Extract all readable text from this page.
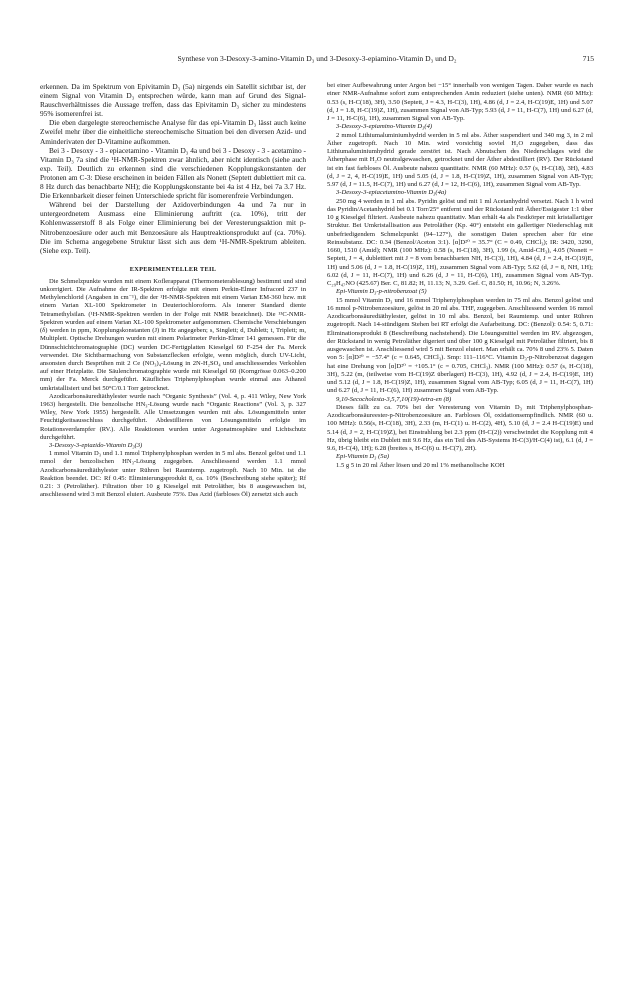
Synthese von 3-Desoxy-3-amino-Vitamin D₃ und 3-Desoxy-3-epiamino-Vitamin D₃ und D₂	715

erkennen. Da im Spektrum von Epivitamin D₃ (5a) nirgends ein Satellit sichtbar ist, der einem Signal von Vitamin D₃ entsprechen würde, kann man auf Grund des Signal-Rauschverhältnisses die Aussage treffen, dass das Epivitamin D₃ sicher zu mindestens 95% isomerenfrei ist.

Die eben dargelegte stereochemische Analyse für das epi-Vitamin D₃ lässt auch keine Zweifel mehr über die einheitliche stereochemische Situation bei den diversen Azid- und Aminderivaten der D-Vitamine aufkommen.

Bei 3 - Desoxy - 3 - epiacetamino - Vitamin D₃ 4a und bei 3 - Desoxy - 3 - acetamino - Vitamin D₃ 7a sind die ¹H-NMR-Spektren zwar ähnlich, aber nicht identisch (siehe auch exp. Teil). Deutlich zu erkennen sind die verschiedenen Kopplungskonstanten der Protonen am C-3: Diese erscheinen in beiden Fällen als Nonett (Septett dublettiert mit ca. 8 Hz durch das benachbarte NH); die Kopplungskonstante bei 4a ist 4 Hz, bei 7a 3.7 Hz. Die Erkennbarkeit dieser feinen Unterschiede spricht für isomerenfreie Verbindungen.

Während bei der Darstellung der Azidoverbindungen 4a und 7a nur in untergeordnetem Ausmass eine Eliminierung auftritt (ca. 10%), tritt der Kohlenwasserstoff 8 als Folge einer Eliminierung bei der Veresterungsaktion mit p-Nitrobenzoesäure oder auch mit Benzoesäure als Hauptreaktionsprodukt auf (ca. 70%). Die im Schema angegebene Struktur lässt sich aus dem ¹H-NMR-Spektrum ableiten. (Siehe exp. Teil).

EXPERIMENTELLER TEIL

Die Schmelzpunkte wurden mit einem Koflerapparat (Thermometerablesung) bestimmt und sind unkorrigiert. Die Aufnahme der IR-Spektren erfolgte mit einem Perkin-Elmer Infracord 237 in Methylenchlorid (Angaben in cm⁻¹), die der ¹H-NMR-Spektren mit einem Varian EM-360 bzw. mit einem Varian XL-100 Spektrometer in Deuteriochloroform. Als innerer Standard diente Tetramethylsilan. (¹H-NMR-Spektren werden in der Folge mit NMR bezeichnet). Die ¹³C-NMR-Spektren wurden auf einem Varian XL-100 Spektrometer aufgenommen. Chemische Verschiebungen (δ) werden in ppm, Kopplungskonstanten (J) in Hz angegeben; s, Singlett; d, Dublett; t, Triplett; m, Multiplett. Optische Drehungen wurden mit einem Polarimeter Perkin-Elmer 141 gemessen. Für die Dünnschichtchromatographie (DC) wurden DC-Fertigplatten Kieselgel 60 F-254 der Fa. Merck verwendet. Die Sichtbarmachung von Substanzflecken erfolgte, wenn möglich, durch UV-Licht, ansonsten durch Besprühen mit 2 Ce (NO₃)₄-Lösung in 2N-H₂SO₄ und anschliessendes Verkohlen auf einer Heizplatte. Die Säulenchromatographie wurde mit Kieselgel 60 (Korngrösse 0.063–0.200 mm) der Fa. Merck durchgeführt. Käufliches Triphenylphosphan wurde einmal aus Äthanol umkristallisiert und bei 50°C/0.1 Torr getrocknet.

Azodicarbonsäurediäthylester wurde nach “Organic Synthesis” (Vol. 4, p. 411 Wiley, New York 1963) hergestellt. Die benzolische HN₃-Lösung wurde nach “Organic Reactions” (Vol. 3, p. 327 Wiley, New York 1955) hergestellt. Alle Umsetzungen wurden mit abs. Lösungsmitteln unter Feuchtigkeitsausschluss durchgeführt. Abdestillieren von Lösungsmitteln erfolgte im Rotationsverdampfer (RV.). Alle Reaktionen wurden unter Argonatmosphäre und Lichtschutz durchgeführt.

3-Desoxy-3-epiazido-Vitamin D₃(3)

1 mmol Vitamin D₃ und 1.1 mmol Triphenylphosphan werden in 5 ml abs. Benzol gelöst und 1.1 mmol der benzolischen HN₃-Lösung zugegeben. Anschliessend werden 1.1 mmol Azodicarbonsäurediäthylester unter Rühren bei Raumtemp. zugetropft. Nach 10 Min. ist die Reaktion beendet. DC: Rf 0.45: Eliminierungsprodukt 8, ca. 10% (Beschreibung siehe später); Rf 0.21: 3 (Petroläther). Filtration über 10 g Kieselgel mit Petroläther, bis 8 ausgewaschen ist, anschliessend wird 3 mit Benzol eluiert. Ausbeute 75%. Das Azid (farbloses Öl) zersetzt sich auch

bei einer Aufbewahrung unter Argon bei −15° innerhalb von wenigen Tagen. Daher wurde es nach einer NMR-Aufnahme sofort zum entsprechenden Amin reduziert (siehe unten). NMR (60 MHz): 0.53 (s, H-C(18), 3H), 3.50 (Septett, J = 4.3, H-C(3), 1H), 4.86 (d, J = 2.4, H-C(19)E, 1H) und 5.07 (d, J = 1.8, H-C(19)Z, 1H), zusammen Signal von AB-Typ; 5.93 (d, J = 11, H-C(7), 1H) und 6.27 (d, J = 11, H-C(6), 1H), zusammen Signal von AB-Typ.

3-Desoxy-3-epiamino-Vitamin D₃(4)

2 mmol Lithiumaluminiumhydrid werden in 5 ml abs. Äther suspendiert und 340 mg 3, in 2 ml Äther zugetropft. Nach 10 Min. wird vorsichtig soviel H₂O zugegeben, dass das Lithiumaluminiumhydrid gerade zerstört ist. Nach Abnutschen des Niederschlages wird die Ätherphase mit H₂O neutralgewaschen, getrocknet und der Äther abdestilliert (RV). Der Rückstand ist ein fast farbloses Öl. Ausbeute nahezu quantitativ. NMR (60 MHz): 0.57 (s, H-C(18), 3H), 4.83 (d, J = 2, 4, H-C(19)E, 1H) und 5.05 (d, J = 1.8, H-C(19)Z, 1H), zusammen Signal von AB-Typ; 5.97 (d, J = 11.5, H-C(7), 1H) und 6.27 (d, J = 12, H-C(6), 1H), zusammen Signal vom AB-Typ.

3-Desoxy-3-epiacetamino-Vitamin D₃(4a)

250 mg 4 werden in 1 ml abs. Pyridin gelöst und mit 1 ml Acetanhydrid versetzt. Nach 1 h wird das Pyridin/Acetanhydrid bei 0.1 Torr/25° entfernt und der Rückstand mit Äther/Essigester 1:1 über 10 g Kieselgel filtriert. Ausbeute nahezu quantitativ. Man erhält 4a als Festkörper mit kristallartiger Struktur. Bei Umkristallisation aus Petroläther (Kp. 40°) entsteht ein gallertiger Niederschlag mit unbefriedigendem Schmelzpunkt (94–127°), die sonstigen Daten sprechen aber für eine Reinsubstanz. DC: 0.34 (Benzol/Aceton 3:1). [α]D²⁰ = 35.7° (C = 0.49, CHCl₃); IR: 3420, 3290, 1660, 1510 (Amid); NMR (100 MHz): 0.58 (s, H-C(18), 3H), 1.99 (s, Amid-CH₃), 4.05 (Nonett = Septett, J = 4, dublettiert mit J = 8 vom benachbarten NH, H-C(3), 1H), 4.84 (d, J = 2.4, H-C(19)E, 1H) und 5.06 (d, J = 1.8, H-C(19)Z, 1H), zusammen Signal vom AB-Typ; 5.62 (d, J = 8, NH, 1H); 6.02 (d, J = 11, H-C(7), 1H) und 6.26 (d, J = 11, H-C(6), 1H), zusammen Signal vom AB-Typ. C₂₉H₄₇NO (425.67) Ber. C, 81.82; H, 11.13; N, 3.29. Gef. C, 81.50; H, 10.96; N, 3.26%.

Epi-Vitamin D₃-p-nitrobenzoat (5)

15 mmol Vitamin D₃ und 16 mmol Triphenylphosphan werden in 75 ml abs. Benzol gelöst und 16 mmol p-Nitrobenzoesäure, gelöst in 20 ml abs. THF, zugegeben. Anschliessend werden 16 mmol Azodicarbonsäurediäthylester, gelöst in 10 ml abs. Benzol, bei Raumtemp. und unter Rühren zugetropft. Nach 14-stündigem Stehen bei RT erfolgt die Aufarbeitung. DC: (Benzol): 0.54: 5, 0.71: Eliminationsprodukt 8 (Beschreibung nachstehend). Die Lösungsmittel werden im RV. abgezogen, der Rückstand in wenig Petroläther digeriert und über 100 g Kieselgel mit Petroläther filtriert, bis 8 ausgewaschen ist. Anschliessend wird 5 mit Benzol eluiert. Man erhält ca. 70% 8 und 23% 5. Daten von 5: [α]D²⁰ = −57.4° (c = 0.645, CHCl₃). Smp: 111–116°C. Vitamin D₃-p-Nitrobenzoat dagegen hat eine Drehung von [α]D²⁰ = +105.1° (c = 0.705, CHCl₃). NMR (100 MHz): 0.57 (s, H-C(18), 3H), 5.22 (m, (teilweise vom H-C(19)Z überlagert) H-C(3), 1H), 4.92 (d, J = 2.4, H-C(19)E, 1H) und 5.12 (d, J = 1.8, H-C(19)Z, 1H), zusammen Signal vom AB-Typ; 6.05 (d, J = 11, H-C(7), 1H) und 6.27 (d, J = 11, H-C(6), 1H) zusammen Signal vom AB-Typ.

9,10-Secocholesta-3,5,7,10(19)-tetra-en (8)

Dieses fällt zu ca. 70% bei der Veresterung von Vitamin D₃ mit Triphenylphosphan-Azodicarbonsäureester-p-Nitrobenzoesäure an. Farbloses Öl, oxidationsempfindlich. NMR (60 u. 100 MHz): 0.56(s, H-C(18), 3H), 2.33 (m, H-C(1) u. H-C(2), 4H), 5.10 (d, J = 2.4 H-C(19)E) und 5.14 (d, J = 2, H-C(19)Z), bei Einstrahlung bei 2.3 ppm (H-C(2)) verschwindet die Kopplung mit 4 Hz, übrig bleibt ein Dublett mit 9.6 Hz, das ein Teil des AB-Systems H-C(3)/H-C(4) ist), 6.1 (d, J = 9.6, H-C(4), 1H); 6.28 (breites s, H-C(6) u. H-C(7), 2H).

Epi-Vitamin D₃ (5a)

1.5 g 5 in 20 ml Äther lösen und 20 ml 1% methanolische KOH
